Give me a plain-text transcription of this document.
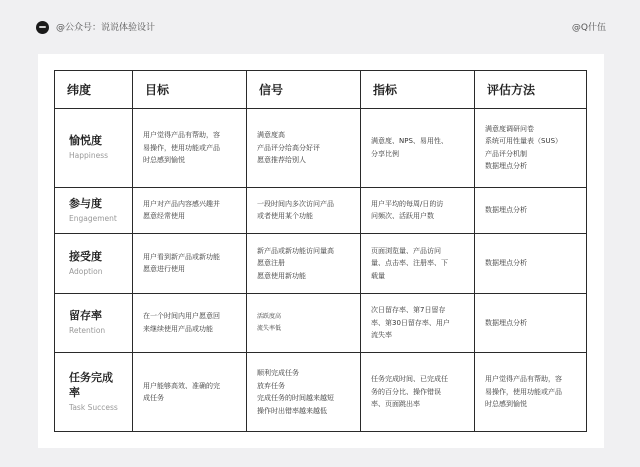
@公众号：说说体验设计	@Q什伍
纬度	目标	信号	指标	评估方法

愉悦度
Happiness	用户觉得产品有帮助，容
易操作，使用功能或产品
时总感到愉悦	满意度高
产品评分给高分好评
愿意推荐给别人	满意度、NPS、易用性、
分享比例	满意度调研问卷
系统可用性量表（SUS）
产品评分机制
数据埋点分析

参与度
Engagement	用户对产品内容感兴趣并
愿意经常使用	一段时间内多次访问产品
或者使用某个功能	用户平均的每周/日的访
问频次、活跃用户数	数据埋点分析

接受度
Adoption	用户看到新产品或新功能
愿意进行使用	新产品或新功能访问量高
愿意注册
愿意使用新功能	页面浏览量、产品访问
量、点击率、注册率、下
载量	数据埋点分析

留存率
Retention	在一个时间内用户愿意回
来继续使用产品或功能	活跃度高
流失率低	次日留存率、第7日留存
率、第30日留存率、用户
流失率	数据埋点分析

任务完成率
Task Success	用户能够高效、准确的完
成任务	顺利完成任务
放弃任务
完成任务的时间越来越短
操作时出错率越来越低	任务完成时间、已完成任
务的百分比、操作错误
率、页面跳出率	用户觉得产品有帮助，容
易操作，使用功能或产品
时总感到愉悦
